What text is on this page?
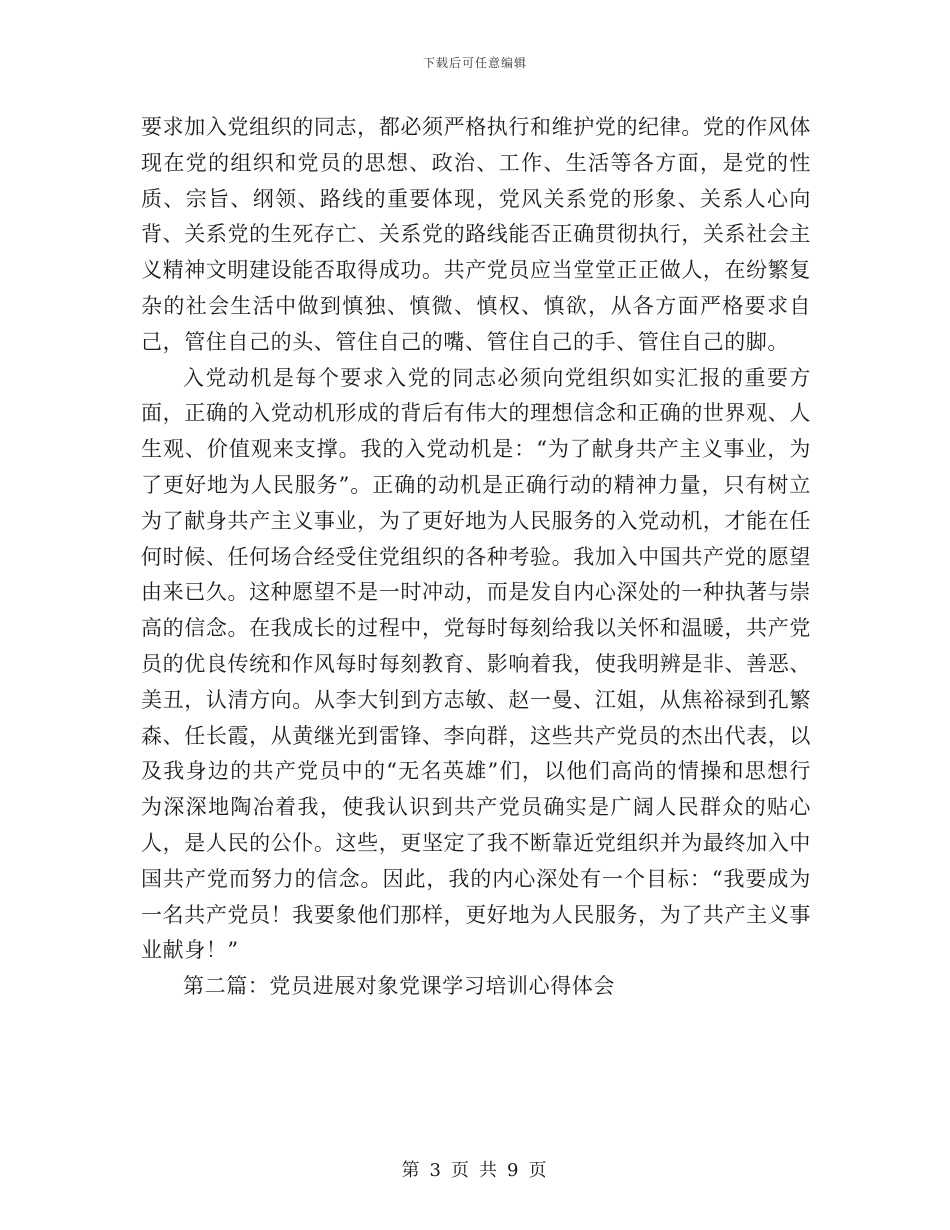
下载后可任意编辑

要求加入党组织的同志，都必须严格执行和维护党的纪律。党的作风体现在党的组织和党员的思想、政治、工作、生活等各方面，是党的性质、宗旨、纲领、路线的重要体现，党风关系党的形象、关系人心向背、关系党的生死存亡、关系党的路线能否正确贯彻执行，关系社会主义精神文明建设能否取得成功。共产党员应当堂堂正正做人，在纷繁复杂的社会生活中做到慎独、慎微、慎权、慎欲，从各方面严格要求自己，管住自己的头、管住自己的嘴、管住自己的手、管住自己的脚。

入党动机是每个要求入党的同志必须向党组织如实汇报的重要方面，正确的入党动机形成的背后有伟大的理想信念和正确的世界观、人生观、价值观来支撑。我的入党动机是：“为了献身共产主义事业，为了更好地为人民服务”。正确的动机是正确行动的精神力量，只有树立为了献身共产主义事业，为了更好地为人民服务的入党动机，才能在任何时候、任何场合经受住党组织的各种考验。我加入中国共产党的愿望由来已久。这种愿望不是一时冲动，而是发自内心深处的一种执著与崇高的信念。在我成长的过程中，党每时每刻给我以关怀和温暖，共产党员的优良传统和作风每时每刻教育、影响着我，使我明辨是非、善恶、美丑，认清方向。从李大钊到方志敏、赵一曼、江姐，从焦裕禄到孔繁森、任长霞，从黄继光到雷锋、李向群，这些共产党员的杰出代表，以及我身边的共产党员中的“无名英雄”们，以他们高尚的情操和思想行为深深地陶冶着我，使我认识到共产党员确实是广阔人民群众的贴心人，是人民的公仆。这些，更坚定了我不断靠近党组织并为最终加入中国共产党而努力的信念。因此，我的内心深处有一个目标：“我要成为一名共产党员！我要象他们那样，更好地为人民服务，为了共产主义事业献身！”

第二篇：党员进展对象党课学习培训心得体会

第 3 页 共 9 页
